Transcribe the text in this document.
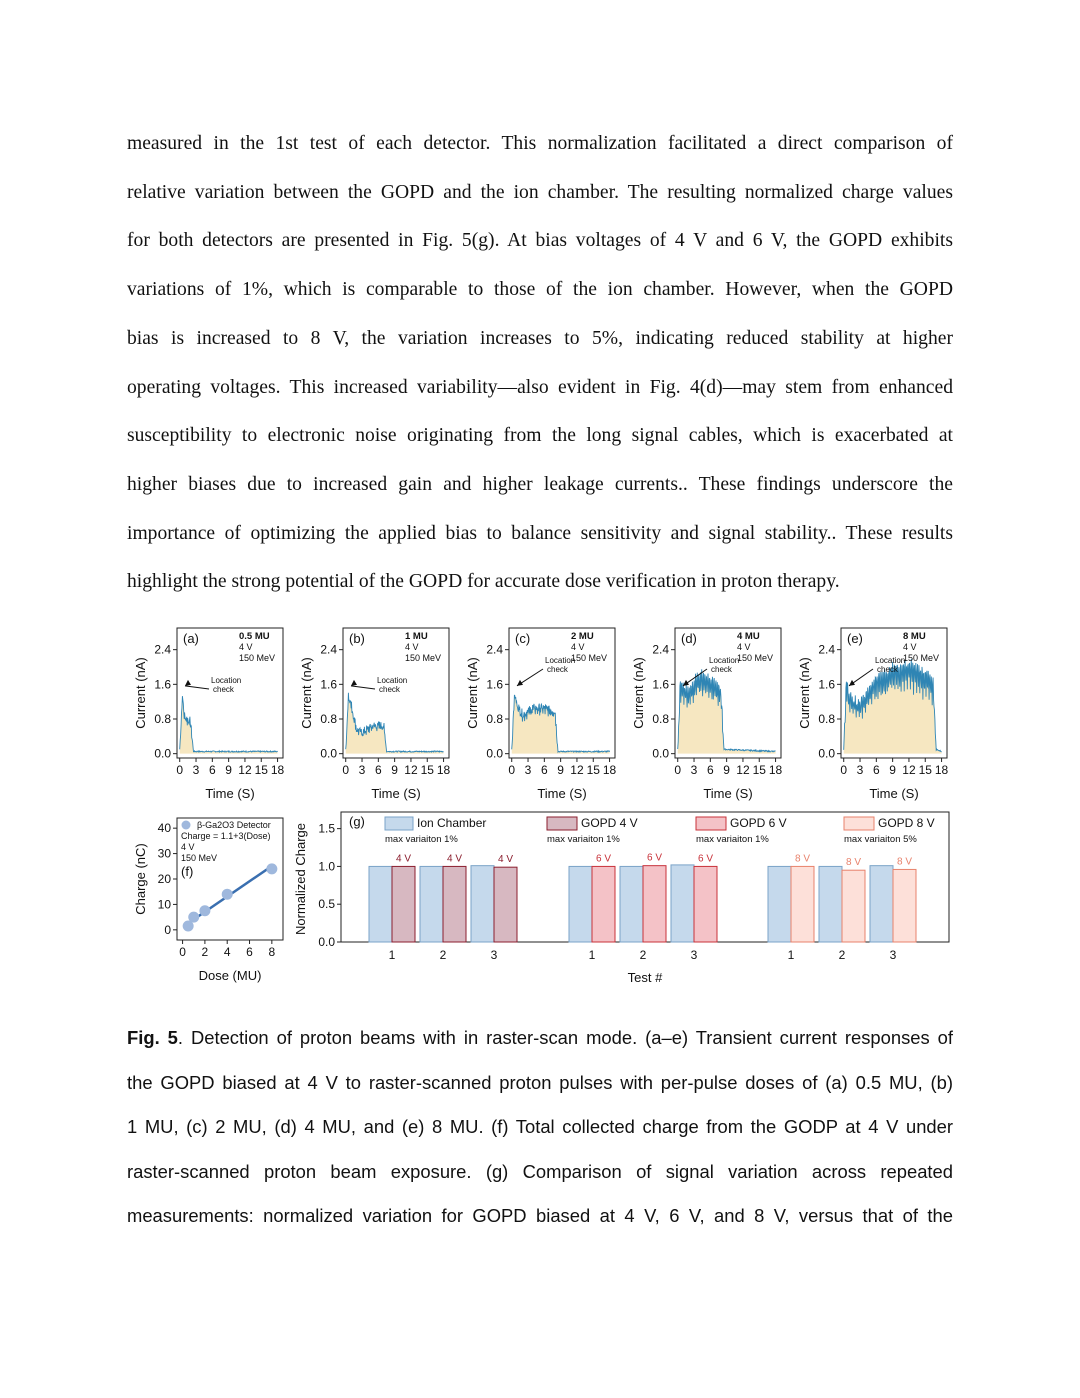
measured in the 1st test of each detector. This normalization facilitated a direct comparison of
relative variation between the GOPD and the ion chamber. The resulting normalized charge values
for both detectors are presented in Fig. 5(g). At bias voltages of 4 V and 6 V, the GOPD exhibits
variations of 1%, which is comparable to those of the ion chamber. However, when the GOPD
bias is increased to 8 V, the variation increases to 5%, indicating reduced stability at higher
operating voltages. This increased variability—also evident in Fig. 4(d)—may stem from enhanced
susceptibility to electronic noise originating from the long signal cables, which is exacerbated at
higher biases due to increased gain and higher leakage currents.. These findings underscore the
importance of optimizing the applied bias to balance sensitivity and signal stability.. These results
highlight the strong potential of the GOPD for accurate dose verification in proton therapy.
0.0
0.8
1.6
2.4
0 3 6 9 12 15 18
Time (S)
Current (nA)
(a)	0.5 MU
4 V
150 MeV
Location
check
0.0
0.8
1.6
2.4
0 3 6 9 12 15 18
Time (S)
Current (nA)
(b)	1 MU
4 V
150 MeV
Location
check
0.0
0.8
1.6
2.4
0 3 6 9 12 15 18
Time (S)
Current (nA)
(c)	2 MU
4 V
150 MeV
Location
check
0.0
0.8
1.6
2.4
0 3 6 9 12 15 18
Time (S)
Current (nA)
(d)	4 MU
4 V
150 MeV
Location
check
0.0
0.8
1.6
2.4
0 3 6 9 12 15 18
Time (S)
Current (nA)
(e)	8 MU
4 V
150 MeV
Location
check
0
10
20
30
40
0 2 4 6 8
Dose (MU)
Charge (nC)
β-Ga2O3 Detector
Charge = 1.1+3(Dose)
4 V
150 MeV
(f)
0.0
0.5
1.0
1.5
Normalized Charge
(g)
Test #
Ion Chamber
max variaiton 1%
GOPD 4 V
max variaiton 1%
4 V
1
4 V
2
4 V
3
GOPD 6 V
max variaiton 1%
6 V
1
6 V
2
6 V
3
GOPD 8 V
max variaiton 5%
8 V
1
8 V
2
8 V
3
Fig. 5. Detection of proton beams with in raster-scan mode. (a–e) Transient current responses of
the GOPD biased at 4 V to raster-scanned proton pulses with per-pulse doses of (a) 0.5 MU, (b)
1 MU, (c) 2 MU, (d) 4 MU, and (e) 8 MU. (f) Total collected charge from the GODP at 4 V under
raster-scanned proton beam exposure. (g) Comparison of signal variation across repeated
measurements: normalized variation for GOPD biased at 4 V, 6 V, and 8 V, versus that of the
